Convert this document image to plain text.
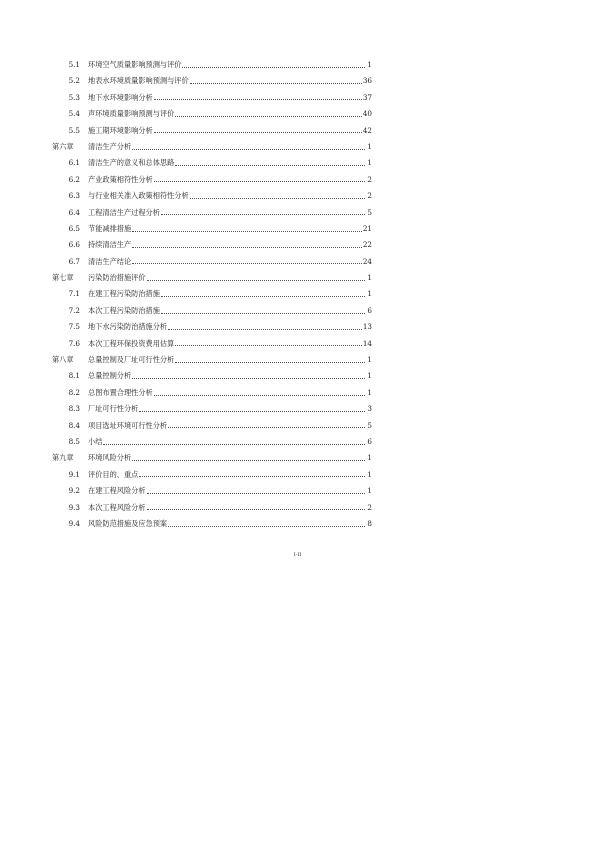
5.1 环境空气质量影响预测与评价	1
5.2 地表水环境质量影响预测与评价	36
5.3 地下水环境影响分析	37
5.4 声环境质量影响预测与评价	40
5.5 施工期环境影响分析	42
第六章	清洁生产分析	1
6.1 清洁生产的意义和总体思路	1
6.2 产业政策相符性分析	2
6.3 与行业相关准入政策相符性分析	2
6.4 工程清洁生产过程分析	5
6.5 节能减排措施	21
6.6 持续清洁生产	22
6.7 清洁生产结论	24
第七章	污染防治措施评价	1
7.1 在建工程污染防治措施	1
7.2 本次工程污染防治措施	6
7.5 地下水污染防治措施分析	13
7.6 本次工程环保投资费用估算	14
第八章	总量控制及厂址可行性分析	1
8.1 总量控制分析	1
8.2 总图布置合理性分析	1
8.3 厂址可行性分析	3
8.4 项目选址环境可行性分析	5
8.5 小结	6
第九章	环境风险分析	1
9.1 评价目的、重点	1
9.2 在建工程风险分析	1
9.3 本次工程风险分析	2
9.4 风险防范措施及应急预案	8
I-II
